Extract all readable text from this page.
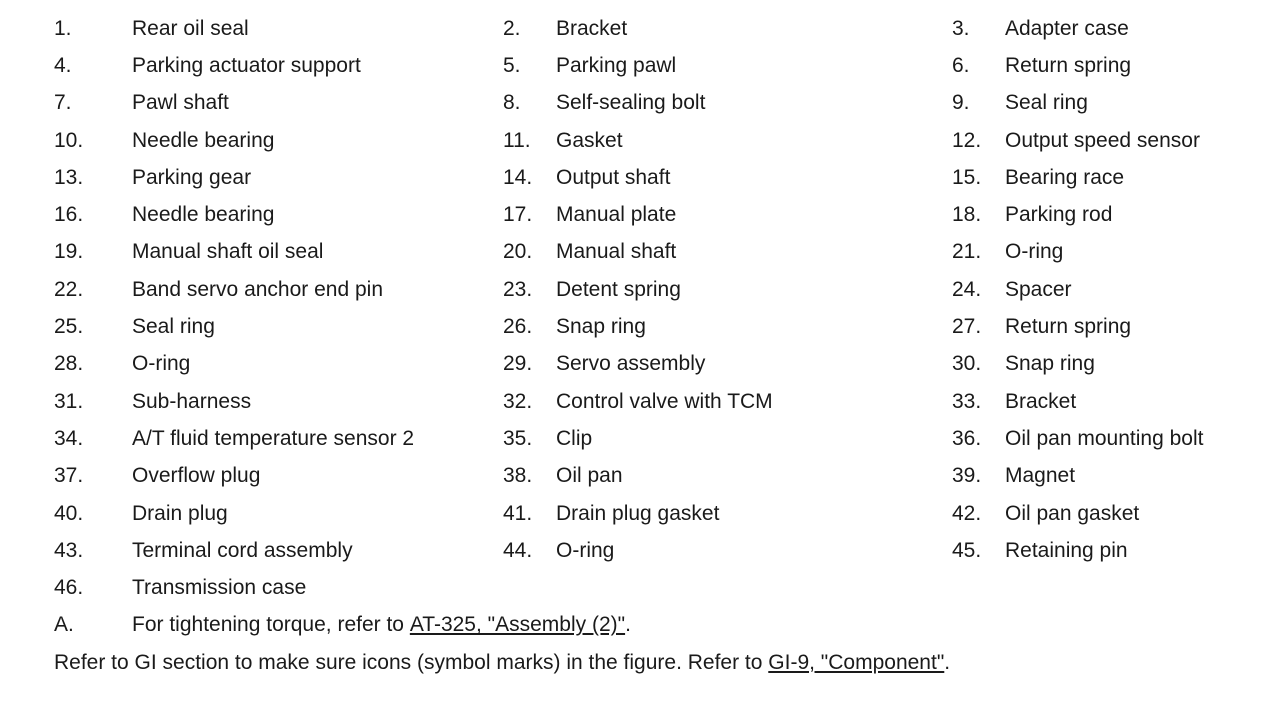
1.	Rear oil seal	2.	Bracket	3.	Adapter case
4.	Parking actuator support	5.	Parking pawl	6.	Return spring
7.	Pawl shaft	8.	Self-sealing bolt	9.	Seal ring
10.	Needle bearing	11.	Gasket	12.	Output speed sensor
13.	Parking gear	14.	Output shaft	15.	Bearing race
16.	Needle bearing	17.	Manual plate	18.	Parking rod
19.	Manual shaft oil seal	20.	Manual shaft	21.	O-ring
22.	Band servo anchor end pin	23.	Detent spring	24.	Spacer
25.	Seal ring	26.	Snap ring	27.	Return spring
28.	O-ring	29.	Servo assembly	30.	Snap ring
31.	Sub-harness	32.	Control valve with TCM	33.	Bracket
34.	A/T fluid temperature sensor 2	35.	Clip	36.	Oil pan mounting bolt
37.	Overflow plug	38.	Oil pan	39.	Magnet
40.	Drain plug	41.	Drain plug gasket	42.	Oil pan gasket
43.	Terminal cord assembly	44.	O-ring	45.	Retaining pin
46.	Transmission case
A.	For tightening torque, refer to AT-325, "Assembly (2)" .
Refer to GI section to make sure icons (symbol marks) in the figure. Refer to GI-9, "Component" .
